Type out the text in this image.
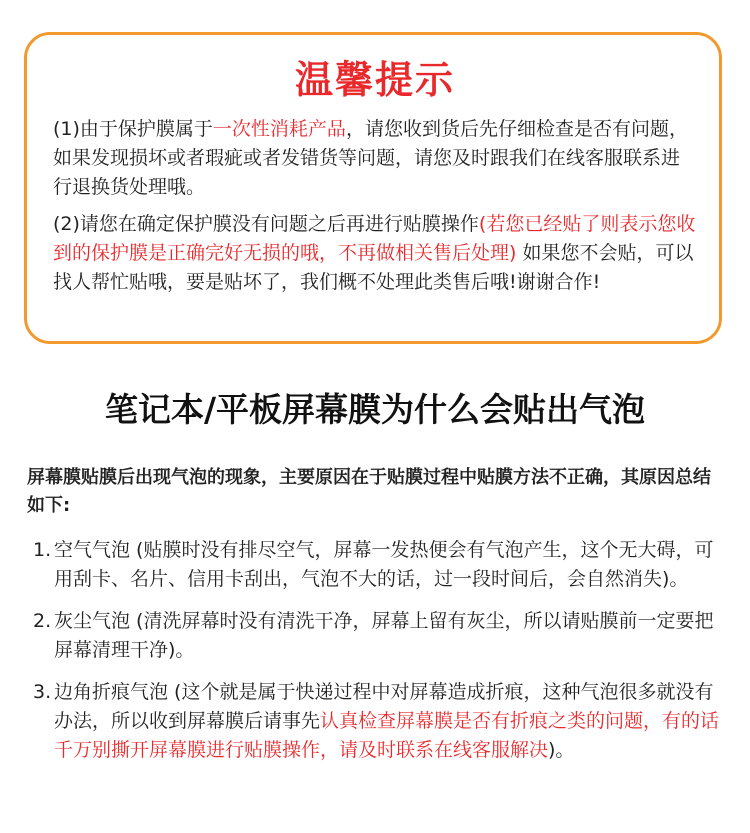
温馨提示

(1)由于保护膜属于一次性消耗产品，请您收到货后先仔细检查是否有问题，如果发现损坏或者瑕疵或者发错货等问题，请您及时跟我们在线客服联系进行退换货处理哦。

(2)请您在确定保护膜没有问题之后再进行贴膜操作(若您已经贴了则表示您收到的保护膜是正确完好无损的哦，不再做相关售后处理) 如果您不会贴，可以找人帮忙贴哦，要是贴坏了，我们概不处理此类售后哦!谢谢合作!

笔记本/平板屏幕膜为什么会贴出气泡

屏幕膜贴膜后出现气泡的现象，主要原因在于贴膜过程中贴膜方法不正确，其原因总结如下:

1. 空气气泡 (贴膜时没有排尽空气，屏幕一发热便会有气泡产生，这个无大碍，可用刮卡、名片、信用卡刮出，气泡不大的话，过一段时间后，会自然消失)。
2. 灰尘气泡 (清洗屏幕时没有清洗干净，屏幕上留有灰尘，所以请贴膜前一定要把屏幕清理干净)。
3. 边角折痕气泡 (这个就是属于快递过程中对屏幕造成折痕，这种气泡很多就没有办法，所以收到屏幕膜后请事先认真检查屏幕膜是否有折痕之类的问题，有的话千万别撕开屏幕膜进行贴膜操作，请及时联系在线客服解决)。
